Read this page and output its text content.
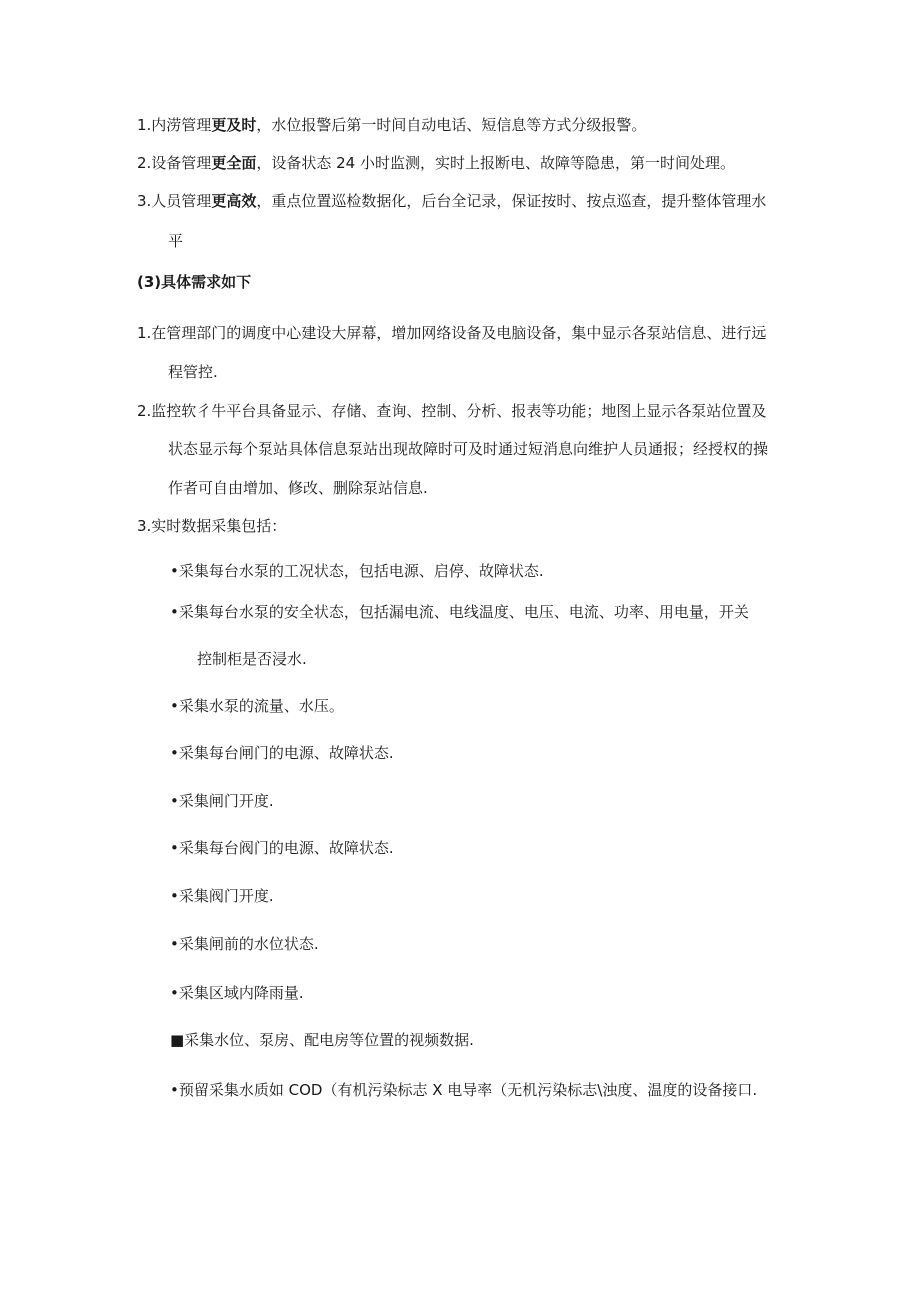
1.内涝管理更及时，水位报警后第一时间自动电话、短信息等方式分级报警。
2.设备管理更全面，设备状态 24 小时监测，实时上报断电、故障等隐患，第一时间处理。
3.人员管理更高效，重点位置巡检数据化，后台全记录，保证按时、按点巡查，提升整体管理水
平
(3)具体需求如下
1.在管理部门的调度中心建设大屏幕，增加网络设备及电脑设备，集中显示各泵站信息、进行远
程管控.
2.监控软彳牛平台具备显示、存储、查询、控制、分析、报表等功能；地图上显示各泵站位置及
状态显示每个泵站具体信息泵站出现故障时可及时通过短消息向维护人员通报；经授权的操
作者可自由增加、修改、删除泵站信息.
3.实时数据采集包括：
•采集每台水泵的工况状态，包括电源、启停、故障状态.
•采集每台水泵的安全状态，包括漏电流、电线温度、电压、电流、功率、用电量，开关
控制柜是否浸水.
•采集水泵的流量、水压。
•采集每台闸门的电源、故障状态.
•采集闸门开度.
•采集每台阀门的电源、故障状态.
•采集阀门开度.
•采集闸前的水位状态.
•采集区域内降雨量.
■采集水位、泵房、配电房等位置的视频数据.
•预留采集水质如 COD（有机污染标志 X 电导率（无机污染标志\浊度、温度的设备接口.
